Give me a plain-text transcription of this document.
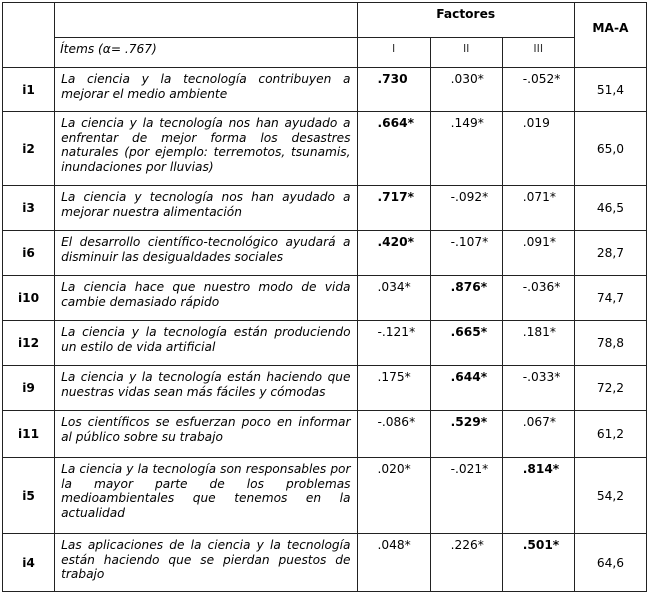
		Factores			MA-A
	Ítems (α= .767)	I	II	III	
i1	La ciencia y la tecnología contribuyen a mejorar el medio ambiente	.730	.030*	-.052*	51,4
i2	La ciencia y la tecnología nos han ayudado a enfrentar de mejor forma los desastres naturales (por ejemplo: terremotos, tsunamis, inundaciones por lluvias)	.664*	.149*	.019	65,0
i3	La ciencia y tecnología nos han ayudado a mejorar nuestra alimentación	.717*	-.092*	.071*	46,5
i6	El desarrollo científico-tecnológico ayudará a disminuir las desigualdades sociales	.420*	-.107*	.091*	28,7
i10	La ciencia hace que nuestro modo de vida cambie demasiado rápido	.034*	.876*	-.036*	74,7
i12	La ciencia y la tecnología están produciendo un estilo de vida artificial	-.121*	.665*	.181*	78,8
i9	La ciencia y la tecnología están haciendo que nuestras vidas sean más fáciles y cómodas	.175*	.644*	-.033*	72,2
i11	Los científicos se esfuerzan poco en informar al público sobre su trabajo	-.086*	.529*	.067*	61,2
i5	La ciencia y la tecnología son responsables por la mayor parte de los problemas medioambientales que tenemos en la actualidad	.020*	-.021*	.814*	54,2
i4	Las aplicaciones de la ciencia y la tecnología están haciendo que se pierdan puestos de trabajo	.048*	.226*	.501*	64,6
